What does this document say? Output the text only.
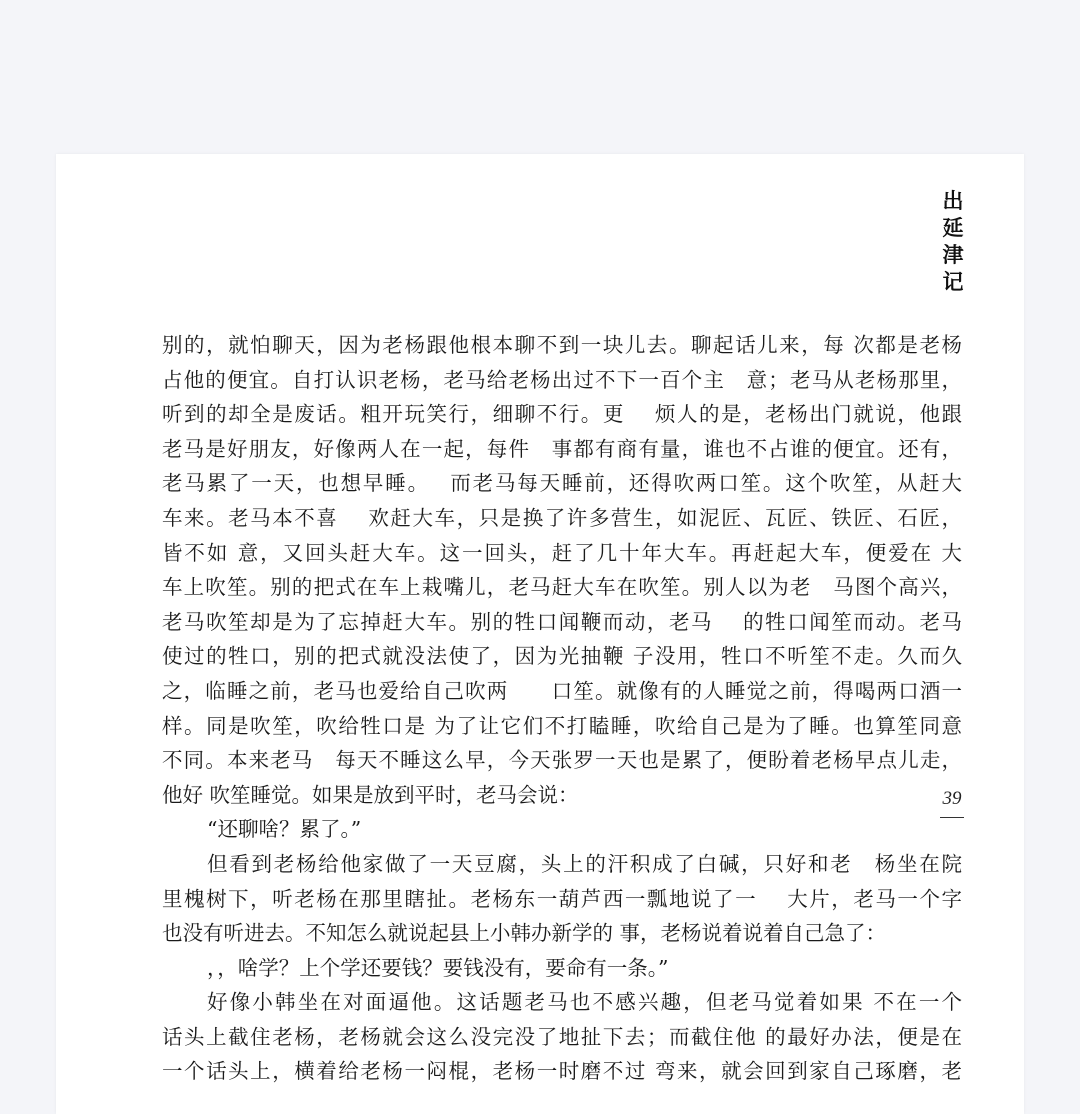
出
延
津
记
别的，就怕聊天，因为老杨跟他根本聊不到一块儿去。聊起话儿来，每 次都是老杨
占他的便宜。自打认识老杨，老马给老杨出过不下一百个主　意；老马从老杨那里，
听到的却全是废话。粗开玩笑行，细聊不行。更　 烦人的是，老杨出门就说，他跟
老马是好朋友，好像两人在一起，每件　事都有商有量，谁也不占谁的便宜。还有，
老马累了一天，也想早睡。　 而老马每天睡前，还得吹两口笙。这个吹笙，从赶大
车来。老马本不喜　 欢赶大车，只是换了许多营生，如泥匠、瓦匠、铁匠、石匠，
皆不如 意，又回头赶大车。这一回头，赶了几十年大车。再赶起大车，便爱在 大
车上吹笙。别的把式在车上栽嘴儿，老马赶大车在吹笙。别人以为老　马图个高兴，
老马吹笙却是为了忘掉赶大车。别的牲口闻鞭而动，老马　 的牲口闻笙而动。老马
使过的牲口，别的把式就没法使了，因为光抽鞭 子没用，牲口不听笙不走。久而久
之，临睡之前，老马也爱给自己吹两　　口笙。就像有的人睡觉之前，得喝两口酒一
样。同是吹笙，吹给牲口是 为了让它们不打瞌睡，吹给自己是为了睡。也算笙同意
不同。本来老马　每天不睡这么早，今天张罗一天也是累了，便盼着老杨早点儿走，
他好 吹笙睡觉。如果是放到平时，老马会说：
“还聊啥？累了。”
但看到老杨给他家做了一天豆腐，头上的汗积成了白碱，只好和老　杨坐在院
里槐树下，听老杨在那里瞎扯。老杨东一葫芦西一瓢地说了一　 大片，老马一个字
也没有听进去。不知怎么就说起县上小韩办新学的 事，老杨说着说着自己急了：
，，啥学？上个学还要钱？要钱没有，要命有一条。”
好像小韩坐在对面逼他。这话题老马也不感兴趣，但老马觉着如果 不在一个
话头上截住老杨，老杨就会这么没完没了地扯下去；而截住他 的最好办法，便是在
一个话头上，横着给老杨一闷棍，老杨一时磨不过 弯来，就会回到家自己琢磨，老
39
